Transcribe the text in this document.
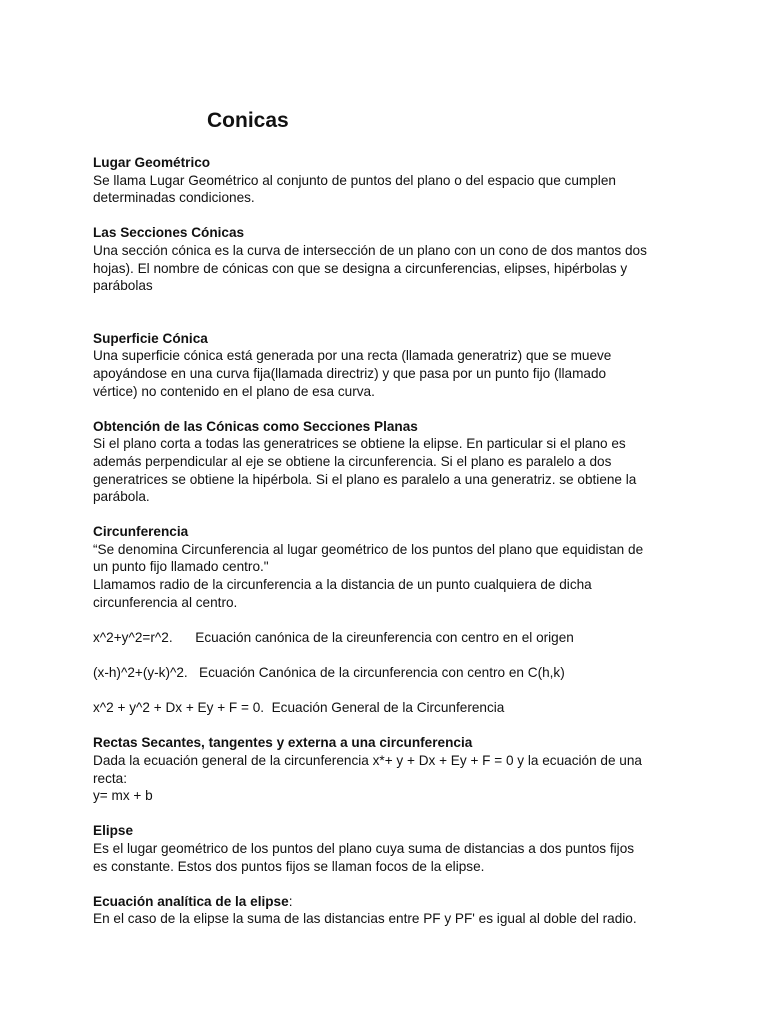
Conicas

Lugar Geométrico

Se llama Lugar Geométrico al conjunto de puntos del plano o del espacio que cumplen

determinadas condiciones.

Las Secciones Cónicas

Una sección cónica es la curva de intersección de un plano con un cono de dos mantos dos

hojas). El nombre de cónicas con que se designa a circunferencias, elipses, hipérbolas y

parábolas

Superficie Cónica

Una superficie cónica está generada por una recta (llamada generatriz) que se mueve

apoyándose en una curva fija(llamada directriz) y que pasa por un punto fijo (llamado

vértice) no contenido en el plano de esa curva.

Obtención de las Cónicas como Secciones Planas

Si el plano corta a todas las generatrices se obtiene la elipse. En particular si el plano es

además perpendicular al eje se obtiene la circunferencia. Si el plano es paralelo a dos

generatrices se obtiene la hipérbola. Si el plano es paralelo a una generatriz. se obtiene la

parábola.

Circunferencia

“Se denomina Circunferencia al lugar geométrico de los puntos del plano que equidistan de

un punto fijo llamado centro."

Llamamos radio de la circunferencia a la distancia de un punto cualquiera de dicha

circunferencia al centro.

x^2+y^2=r^2.      Ecuación canónica de la cireunferencia con centro en el origen

(x-h)^2+(y-k)^2.   Ecuación Canónica de la circunferencia con centro en C(h,k)

x^2 + y^2 + Dx + Ey + F = 0.  Ecuación General de la Circunferencia

Rectas Secantes, tangentes y externa a una circunferencia

Dada la ecuación general de la circunferencia x*+ y + Dx + Ey + F = 0 y la ecuación de una

recta:

y= mx + b

Elipse

Es el lugar geométrico de los puntos del plano cuya suma de distancias a dos puntos fijos

es constante. Estos dos puntos fijos se llaman focos de la elipse.

Ecuación analítica de la elipse:

En el caso de la elipse la suma de las distancias entre PF y PF' es igual al doble del radio.
